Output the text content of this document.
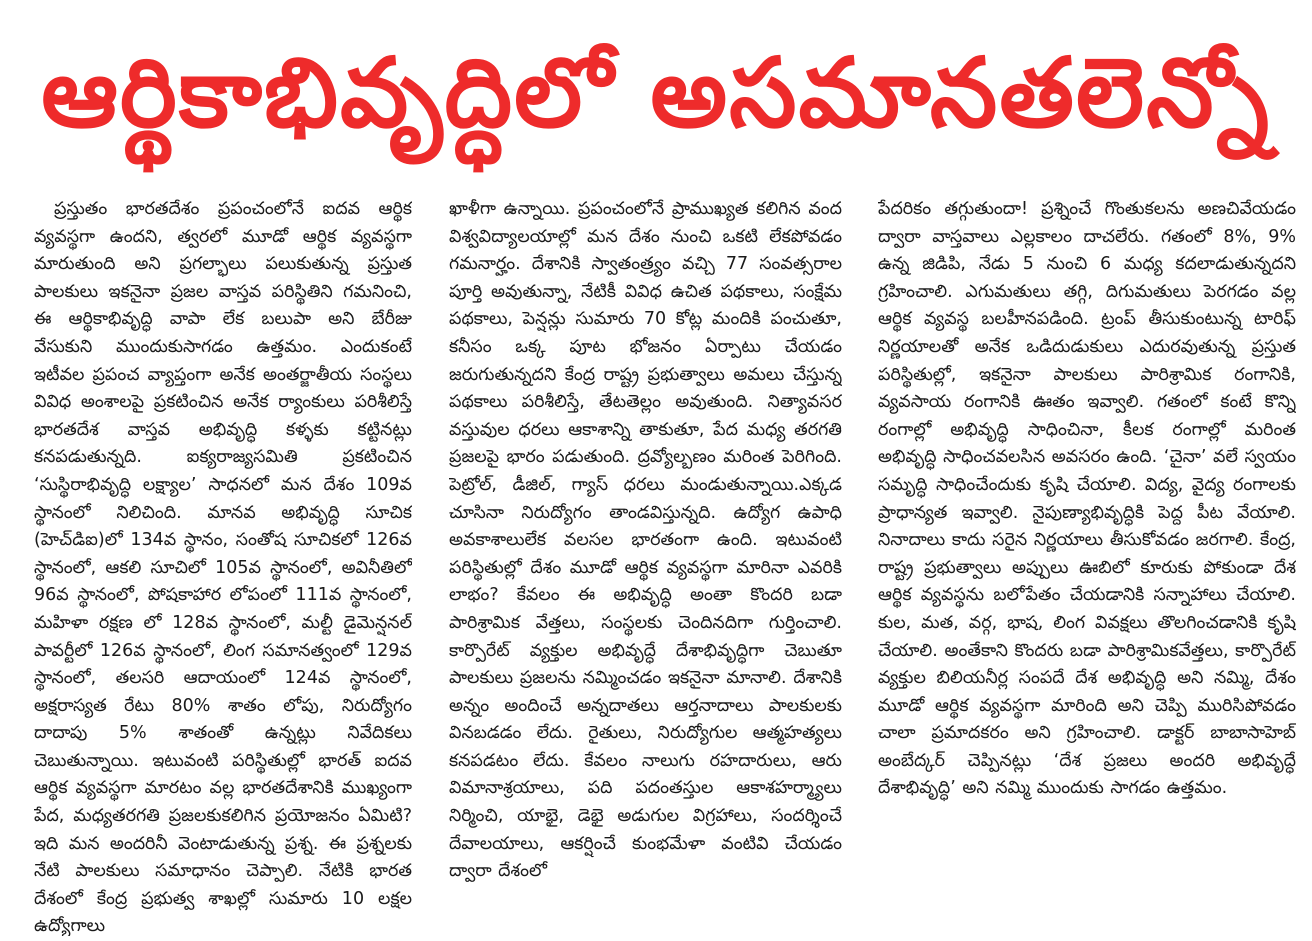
ఆర్థికాభివృద్ధిలో అసమానతలెన్నో

ప్రస్తుతం భారతదేశం ప్రపంచంలోనే ఐదవ ఆర్థిక వ్యవస్థగా ఉందని, త్వరలో మూడో ఆర్థిక వ్యవస్థగా మారుతుంది అని ప్రగల్భాలు పలుకుతున్న ప్రస్తుత పాలకులు ఇకనైనా ప్రజల వాస్తవ పరిస్థితిని గమనించి, ఈ ఆర్థికాభివృద్ధి వాపా లేక బలుపా అని బేరీజు వేసుకుని ముందుకుసాగడం ఉత్తమం. ఎందుకంటే ఇటీవల ప్రపంచ వ్యాప్తంగా అనేక అంతర్జాతీయ సంస్థలు వివిధ అంశాలపై ప్రకటించిన అనేక ర్యాంకులు పరిశీలిస్తే భారతదేశ వాస్తవ అభివృద్ధి కళ్ళకు కట్టినట్లు కనపడుతున్నది. ఐక్యరాజ్యసమితి ప్రకటించిన ‘సుస్థిరాభివృద్ధి లక్ష్యాల’ సాధనలో మన దేశం 109వ స్థానంలో నిలిచింది. మానవ అభివృద్ధి సూచిక (హెచ్‌డిఐ)లో 134వ స్థానం, సంతోష సూచికలో 126వ స్థానంలో, ఆకలి సూచిలో 105వ స్థానంలో, అవినీతిలో 96వ స్థానంలో, పోషకాహార లోపంలో 111వ స్థానంలో, మహిళా రక్షణ లో 128వ స్థానంలో, మల్టీ డైమెన్షనల్ పావర్టీలో 126వ స్థానంలో, లింగ సమానత్వంలో 129వ స్థానంలో, తలసరి ఆదాయంలో 124వ స్థానంలో, అక్షరాస్యత రేటు 80% శాతం లోపు, నిరుద్యోగం దాదాపు 5% శాతంతో ఉన్నట్లు నివేదికలు చెబుతున్నాయి. ఇటువంటి పరిస్థితుల్లో భారత్ ఐదవ ఆర్థిక వ్యవస్థగా మారటం వల్ల భారతదేశానికి ముఖ్యంగా పేద, మధ్యతరగతి ప్రజలకుకలిగిన ప్రయోజనం ఏమిటి? ఇది మన అందరినీ వెంటాడుతున్న ప్రశ్న. ఈ ప్రశ్నలకు నేటి పాలకులు సమాధానం చెప్పాలి. నేటికి భారత దేశంలో కేంద్ర ప్రభుత్వ శాఖల్లో సుమారు 10 లక్షల ఉద్యోగాలు

ఖాళీగా ఉన్నాయి. ప్రపంచంలోనే ప్రాముఖ్యత కలిగిన వంద విశ్వవిద్యాలయాల్లో మన దేశం నుంచి ఒకటి లేకపోవడం గమనార్హం. దేశానికి స్వాతంత్ర్యం వచ్చి 77 సంవత్సరాల పూర్తి అవుతున్నా, నేటికీ వివిధ ఉచిత పథకాలు, సంక్షేమ పథకాలు, పెన్షన్లు సుమారు 70 కోట్ల మందికి పంచుతూ, కనీసం ఒక్క పూట భోజనం ఏర్పాటు చేయడం జరుగుతున్నదని కేంద్ర రాష్ట్ర ప్రభుత్వాలు అమలు చేస్తున్న పథకాలు పరిశీలిస్తే, తేటతెల్లం అవుతుంది. నిత్యావసర వస్తువుల ధరలు ఆకాశాన్ని తాకుతూ, పేద మధ్య తరగతి ప్రజలపై భారం పడుతుంది. ద్రవ్యోల్బణం మరింత పెరిగింది. పెట్రోల్, డీజిల్, గ్యాస్ ధరలు మండుతున్నాయి.ఎక్కడ చూసినా నిరుద్యోగం తాండవిస్తున్నది. ఉద్యోగ ఉపాధి అవకాశాలులేక వలసల భారతంగా ఉంది. ఇటువంటి పరిస్థితుల్లో దేశం మూడో ఆర్థిక వ్యవస్థగా మారినా ఎవరికి లాభం? కేవలం ఈ అభివృద్ధి అంతా కొందరి బడా పారిశ్రామిక వేత్తలు, సంస్థలకు చెందినదిగా గుర్తించాలి. కార్పొరేట్ వ్యక్తుల అభివృద్ధే దేశాభివృద్ధిగా చెబుతూ పాలకులు ప్రజలను నమ్మించడం ఇకనైనా మానాలి. దేశానికి అన్నం అందించే అన్నదాతలు ఆర్తనాదాలు పాలకులకు వినబడడం లేదు. రైతులు, నిరుద్యోగుల ఆత్మహత్యలు కనపడటం లేదు. కేవలం నాలుగు రహదారులు, ఆరు విమానాశ్రయాలు, పది పదంతస్తుల ఆకాశహర్మ్యాలు నిర్మించి, యాభై, డెభై అడుగుల విగ్రహాలు, సందర్శించే దేవాలయాలు, ఆకర్షించే కుంభమేళా వంటివి చేయడం ద్వారా దేశంలో

పేదరికం తగ్గుతుందా! ప్రశ్నించే గొంతుకలను అణచివేయడం ద్వారా వాస్తవాలు ఎల్లకాలం దాచలేరు. గతంలో 8%, 9% ఉన్న జిడిపి, నేడు 5 నుంచి 6 మధ్య కదలాడుతున్నదని గ్రహించాలి. ఎగుమతులు తగ్గి, దిగుమతులు పెరగడం వల్ల ఆర్థిక వ్యవస్థ బలహీనపడింది. ట్రంప్ తీసుకుంటున్న టారిఫ్ నిర్ణయాలతో అనేక ఒడిదుడుకులు ఎదురవుతున్న ప్రస్తుత పరిస్థితుల్లో, ఇకనైనా పాలకులు పారిశ్రామిక రంగానికి, వ్యవసాయ రంగానికి ఊతం ఇవ్వాలి. గతంలో కంటే కొన్ని రంగాల్లో అభివృద్ధి సాధించినా, కీలక రంగాల్లో మరింత అభివృద్ధి సాధించవలసిన అవసరం ఉంది. ‘చైనా’ వలే స్వయం సమృద్ధి సాధించేందుకు కృషి చేయాలి. విద్య, వైద్య రంగాలకు ప్రాధాన్యత ఇవ్వాలి. నైపుణ్యాభివృద్ధికి పెద్ద పీట వేయాలి. నినాదాలు కాదు సరైన నిర్ణయాలు తీసుకోవడం జరగాలి. కేంద్ర, రాష్ట్ర ప్రభుత్వాలు అప్పులు ఊబిలో కూరుకు పోకుండా దేశ ఆర్థిక వ్యవస్థను బలోపేతం చేయడానికి సన్నాహాలు చేయాలి. కుల, మత, వర్గ, భాష, లింగ వివక్షలు తొలగించడానికి కృషి చేయాలి. అంతేకాని కొందరు బడా పారిశ్రామికవేత్తలు, కార్పొరేట్ వ్యక్తుల బిలియనీర్ల సంపదే దేశ అభివృద్ధి అని నమ్మి, దేశం మూడో ఆర్థిక వ్యవస్థగా మారింది అని చెప్పి మురిసిపోవడం చాలా ప్రమాదకరం అని గ్రహించాలి. డాక్టర్ బాబాసాహెబ్ అంబేద్కర్ చెప్పినట్లు ‘దేశ ప్రజలు అందరి అభివృద్ధే దేశాభివృద్ధి’ అని నమ్మి ముందుకు సాగడం ఉత్తమం.
